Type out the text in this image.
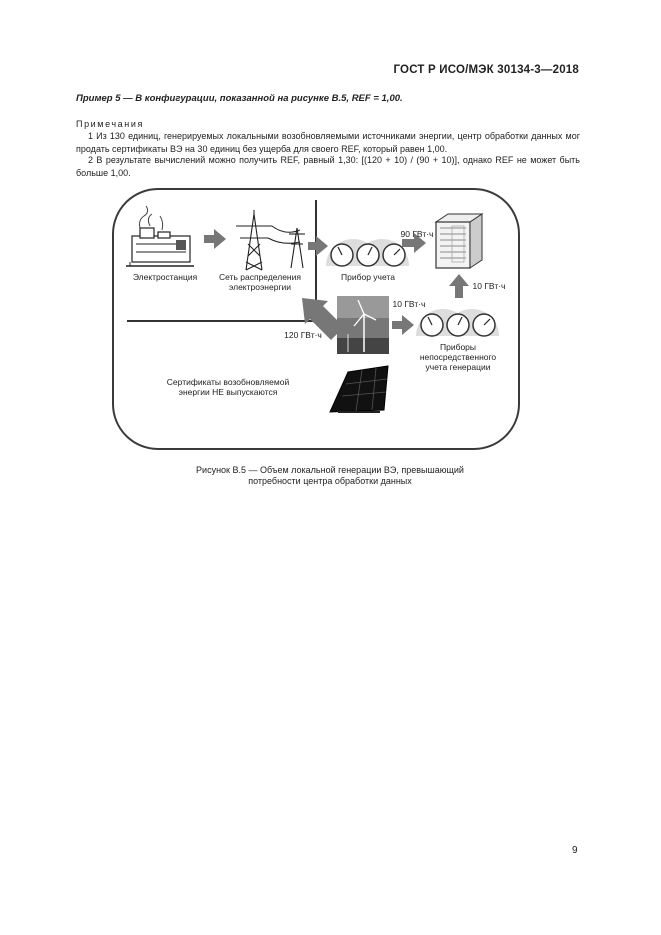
ГОСТ Р ИСО/МЭК 30134-3—2018
Пример 5 — В конфигурации, показанной на рисунке В.5, REF = 1,00.
Примечания
1 Из 130 единиц, генерируемых локальными возобновляемыми источниками энергии, центр обработки данных мог продать сертификаты ВЭ на 30 единиц без ущерба для своего REF, который равен 1,00.
2 В результате вычислений можно получить REF, равный 1,30: [(120 + 10) / (90 + 10)], однако REF не может быть больше 1,00.
Электростанция	Сеть распределения
электроэнергии
Прибор учета
90 ГВт·ч
10 ГВт·ч
10 ГВт·ч
120 ГВт·ч
Приборы
непосредственного
учета генерации
Сертификаты возобновляемой
энергии НЕ выпускаются
Рисунок В.5 — Объем локальной генерации ВЭ, превышающий
потребности центра обработки данных
9
